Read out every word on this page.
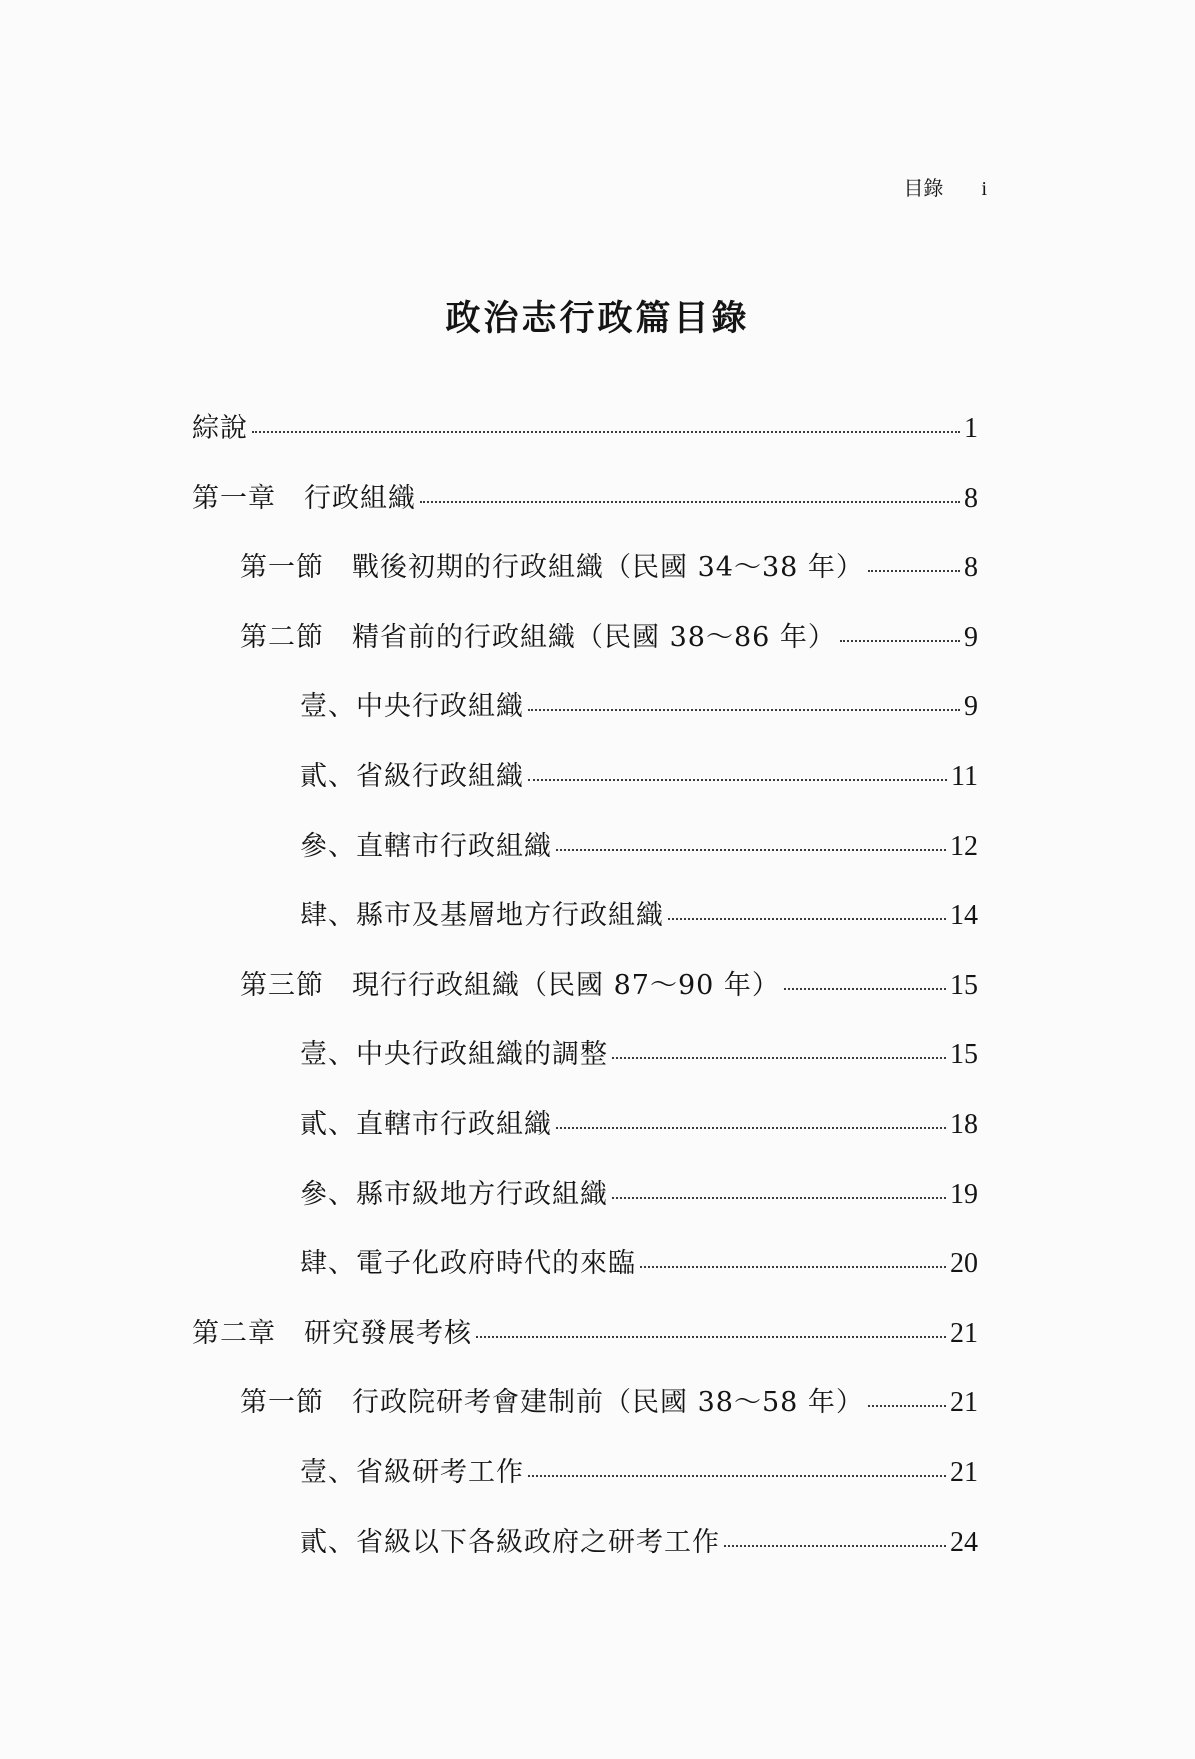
目錄 i
政治志行政篇目錄
綜說	1
第一章　行政組織	8
第一節　戰後初期的行政組織（民國 34～38 年）	8
第二節　精省前的行政組織（民國 38～86 年）	9
壹、中央行政組織	9
貳、省級行政組織	11
參、直轄市行政組織	12
肆、縣市及基層地方行政組織	14
第三節　現行行政組織（民國 87～90 年）	15
壹、中央行政組織的調整	15
貳、直轄市行政組織	18
參、縣市級地方行政組織	19
肆、電子化政府時代的來臨	20
第二章　研究發展考核	21
第一節　行政院研考會建制前（民國 38～58 年）	21
壹、省級研考工作	21
貳、省級以下各級政府之研考工作	24
